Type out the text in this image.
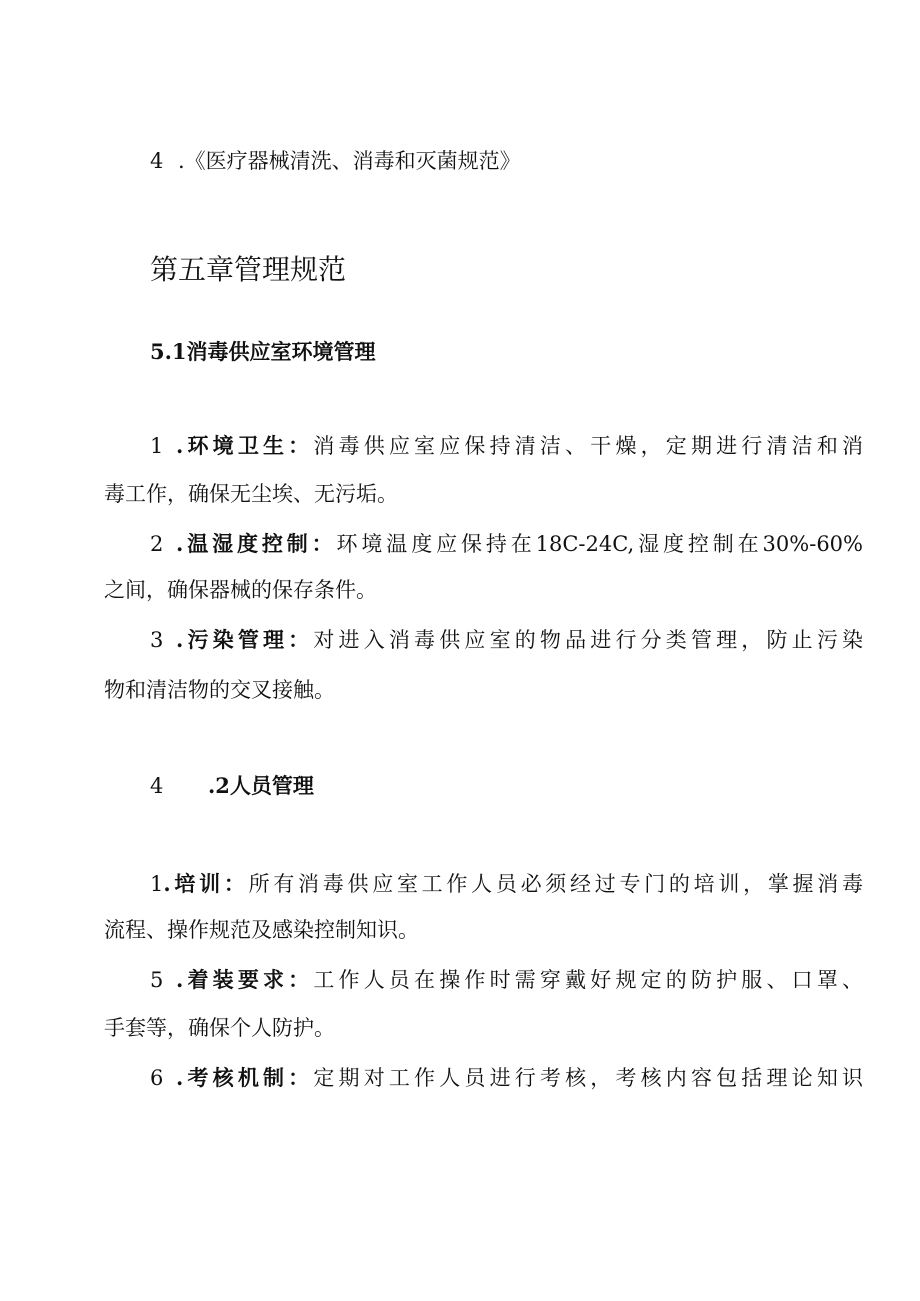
4 .《医疗器械清洗、消毒和灭菌规范》
第五章管理规范
5.1消毒供应室环境管理
1 .环境卫生：消毒供应室应保持清洁、干燥，定期进行清洁和消
毒工作，确保无尘埃、无污垢。
2 .温湿度控制：环境温度应保持在18C-24C,湿度控制在30%-60%
之间，确保器械的保存条件。
3 .污染管理：对进入消毒供应室的物品进行分类管理，防止污染
物和清洁物的交叉接触。
4 .2人员管理
1.培训：所有消毒供应室工作人员必须经过专门的培训，掌握消毒
流程、操作规范及感染控制知识。
5 .着装要求：工作人员在操作时需穿戴好规定的防护服、口罩、
手套等，确保个人防护。
6 .考核机制：定期对工作人员进行考核，考核内容包括理论知识
